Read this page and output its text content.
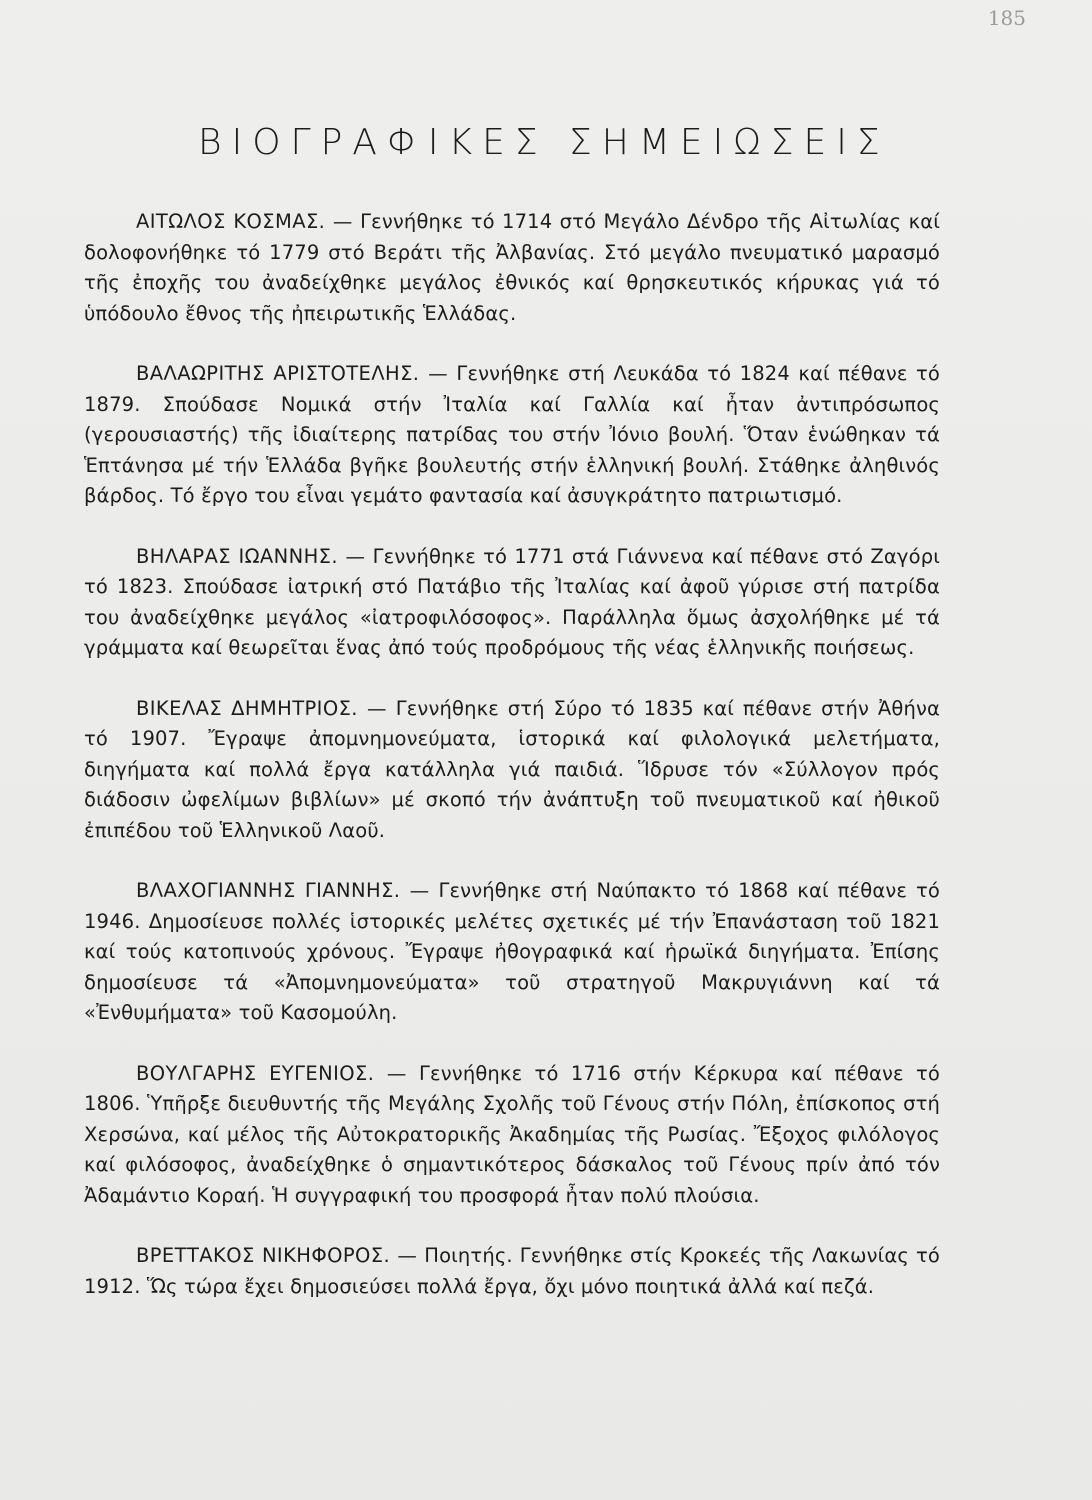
185
ΒΙΟΓΡΑΦΙΚΕΣ ΣΗΜΕΙΩΣΕΙΣ

ΑΙΤΩΛΟΣ ΚΟΣΜΑΣ. — Γεννήθηκε τό 1714 στό Μεγάλο Δένδρο τῆς Αἰτωλίας καί δολοφονήθηκε τό 1779 στό Βεράτι τῆς Ἀλβανίας. Στό μεγάλο πνευματικό μαρασμό τῆς ἐποχῆς του ἀναδείχθηκε μεγάλος ἐθνικός καί θρησκευτικός κήρυκας γιά τό ὑπόδουλο ἔθνος τῆς ἠπειρωτικῆς Ἑλλάδας.

ΒΑΛΑΩΡΙΤΗΣ ΑΡΙΣΤΟΤΕΛΗΣ. — Γεννήθηκε στή Λευκάδα τό 1824 καί πέθανε τό 1879. Σπούδασε Νομικά στήν Ἰταλία καί Γαλλία καί ἦταν ἀντιπρόσωπος (γερουσιαστής) τῆς ἰδιαίτερης πατρίδας του στήν Ἰόνιο βουλή. Ὅταν ἑνώθηκαν τά Ἑπτάνησα μέ τήν Ἑλλάδα βγῆκε βουλευτής στήν ἑλληνική βουλή. Στάθηκε ἀληθινός βάρδος. Τό ἔργο του εἶναι γεμάτο φαντασία καί ἀσυγκράτητο πατριωτισμό.

ΒΗΛΑΡΑΣ ΙΩΑΝΝΗΣ. — Γεννήθηκε τό 1771 στά Γιάννενα καί πέθανε στό Ζαγόρι τό 1823. Σπούδασε ἰατρική στό Πατάβιο τῆς Ἰταλίας καί ἀφοῦ γύρισε στή πατρίδα του ἀναδείχθηκε μεγάλος «ἰατροφιλόσοφος». Παράλληλα ὅμως ἀσχολήθηκε μέ τά γράμματα καί θεωρεῖται ἕνας ἀπό τούς προδρόμους τῆς νέας ἑλληνικῆς ποιήσεως.

ΒΙΚΕΛΑΣ ΔΗΜΗΤΡΙΟΣ. — Γεννήθηκε στή Σύρο τό 1835 καί πέθανε στήν Ἀθήνα τό 1907. Ἔγραψε ἀπομνημονεύματα, ἱστορικά καί φιλολογικά μελετήματα, διηγήματα καί πολλά ἔργα κατάλληλα γιά παιδιά. Ἵδρυσε τόν «Σύλλογον πρός διάδοσιν ὠφελίμων βιβλίων» μέ σκοπό τήν ἀνάπτυξη τοῦ πνευματικοῦ καί ἠθικοῦ ἐπιπέδου τοῦ Ἑλληνικοῦ Λαοῦ.

ΒΛΑΧΟΓΙΑΝΝΗΣ ΓΙΑΝΝΗΣ. — Γεννήθηκε στή Ναύπακτο τό 1868 καί πέθανε τό 1946. Δημοσίευσε πολλές ἱστορικές μελέτες σχετικές μέ τήν Ἐπανάσταση τοῦ 1821 καί τούς κατοπινούς χρόνους. Ἔγραψε ἠθογραφικά καί ἡρωϊκά διηγήματα. Ἐπίσης δημοσίευσε τά «Ἀπομνημονεύματα» τοῦ στρατηγοῦ Μακρυγιάννη καί τά «Ἐνθυμήματα» τοῦ Κασομούλη.

ΒΟΥΛΓΑΡΗΣ ΕΥΓΕΝΙΟΣ. — Γεννήθηκε τό 1716 στήν Κέρκυρα καί πέθανε τό 1806. Ὑπῆρξε διευθυντής τῆς Μεγάλης Σχολῆς τοῦ Γένους στήν Πόλη, ἐπίσκοπος στή Χερσώνα, καί μέλος τῆς Αὐτοκρατορικῆς Ἀκαδημίας τῆς Ρωσίας. Ἔξοχος φιλόλογος καί φιλόσοφος, ἀναδείχθηκε ὁ σημαντικότερος δάσκαλος τοῦ Γένους πρίν ἀπό τόν Ἀδαμάντιο Κοραή. Ἡ συγγραφική του προσφορά ἦταν πολύ πλούσια.

ΒΡΕΤΤΑΚΟΣ ΝΙΚΗΦΟΡΟΣ. — Ποιητής. Γεννήθηκε στίς Κροκεές τῆς Λακωνίας τό 1912. Ὥς τώρα ἔχει δημοσιεύσει πολλά ἔργα, ὄχι μόνο ποιητικά ἀλλά καί πεζά.
